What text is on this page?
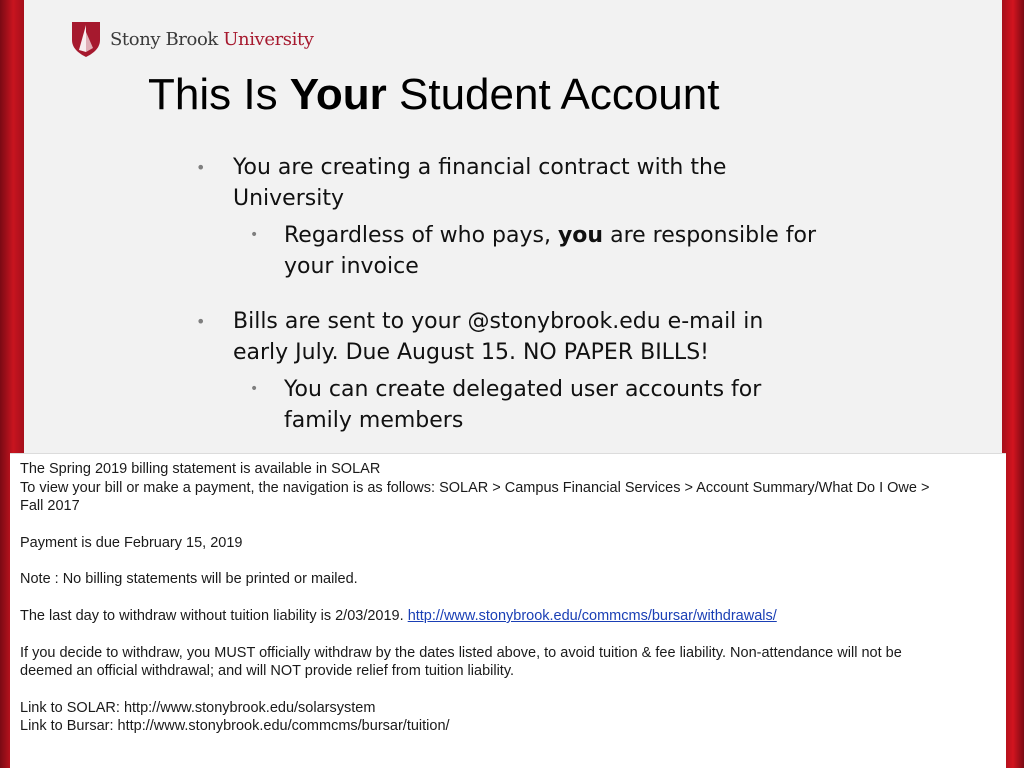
Stony Brook University
This Is Your Student Account
• You are creating a financial contract with the
University
• Regardless of who pays, you are responsible for
your invoice
• Bills are sent to your @stonybrook.edu e-mail in
early July. Due August 15. NO PAPER BILLS!
• You can create delegated user accounts for
family members

The Spring 2019 billing statement is available in SOLAR

To view your bill or make a payment, the navigation is as follows: SOLAR > Campus Financial Services > Account Summary/What Do I Owe >

Fall 2017

Payment is due February 15, 2019

Note : No billing statements will be printed or mailed.

The last day to withdraw without tuition liability is 2/03/2019. http://www.stonybrook.edu/commcms/bursar/withdrawals/

If you decide to withdraw, you MUST officially withdraw by the dates listed above, to avoid tuition & fee liability. Non-attendance will not be

deemed an official withdrawal; and will NOT provide relief from tuition liability.

Link to SOLAR: http://www.stonybrook.edu/solarsystem

Link to Bursar: http://www.stonybrook.edu/commcms/bursar/tuition/
